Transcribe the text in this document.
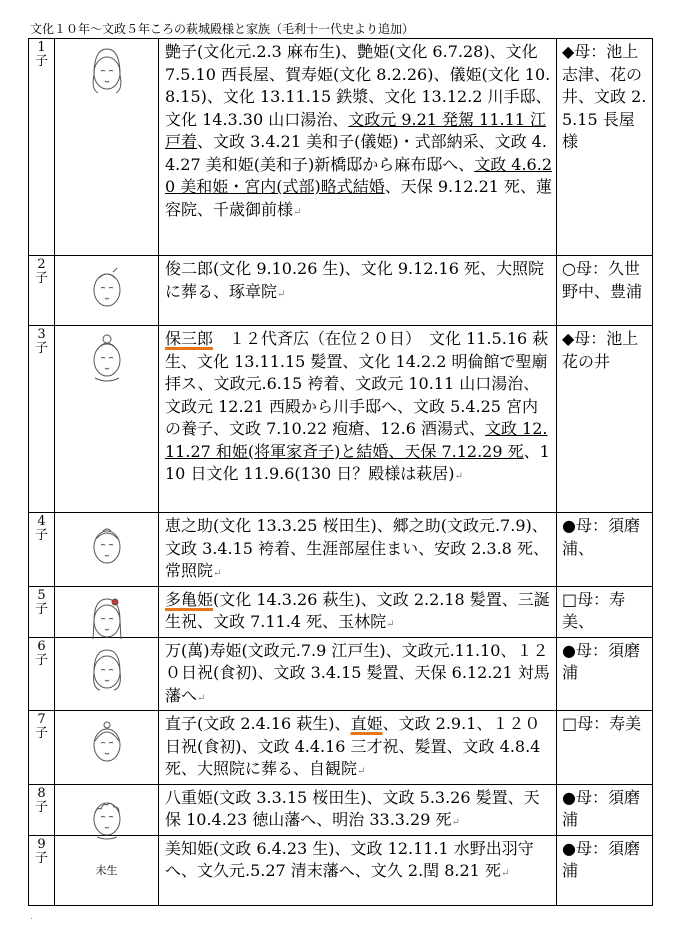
文化１０年〜文政５年ころの萩城殿様と家族（毛利十一代史より追加）
1
子		艶子(文化元.2.3 麻布生)、艶姫(文化 6.7.28)、文化 7.5.10 西長屋、賀寿姫(文化 8.2.26)、儀姫(文化 10.8.15)、文化 13.11.15 鉄漿、文化 13.12.2 川手邸、文化 14.3.30 山口湯治、文政元 9.21 発駕 11.11 江戸着、文政 3.4.21 美和子(儀姫)・式部納采、文政 4.4.27 美和姫(美和子)新橋邸から麻布邸へ、文政 4.6.20 美和姫・宮内(式部)略式結婚、天保 9.12.21 死、蓮容院、千歳御前様↵	◆母：池上志津、花の井、文政 2.5.15 長屋様

2
子		俊二郎(文化 9.10.26 生)、文化 9.12.16 死、大照院に葬る、琢章院↵	○母：久世野中、豊浦

3
子		保三郎　１２代斉広（在位２０日）　文化 11.5.16 萩生、文化 13.11.15 髪置、文化 14.2.2 明倫館で聖廟拝ス、文政元.6.15 袴着、文政元 10.11 山口湯治、文政元 12.21 西殿から川手邸へ、文政 5.4.25 宮内の養子、文政 7.10.22 疱瘡、12.6 酒湯式、文政 12.11.27 和姫(将軍家斉子)と結婚、天保 7.12.29 死、110 日文化 11.9.6(130 日？殿様は萩居)↵	◆母：池上花の井

4
子		恵之助(文化 13.3.25 桜田生)、郷之助(文政元.7.9)、文政 3.4.15 袴着、生涯部屋住まい、安政 2.3.8 死、常照院↵	●母：須磨浦、

5
子		多亀姫(文化 14.3.26 萩生)、文政 2.2.18 髪置、三誕生祝、文政 7.11.4 死、玉林院↵	□母：寿美、

6
子		万(萬)寿姫(文政元.7.9 江戸生)、文政元.11.10、１２０日祝(食初)、文政 3.4.15 髪置、天保 6.12.21 対馬藩へ↵	●母：須磨浦

7
子		直子(文政 2.4.16 萩生)、直姫、文政 2.9.1、１２０日祝(食初)、文政 4.4.16 三才祝、髪置、文政 4.8.4 死、大照院に葬る、自観院↵	□母：寿美

8
子		八重姫(文政 3.3.15 桜田生)、文政 5.3.26 髪置、天保 10.4.23 徳山藩へ、明治 33.3.29 死↵	●母：須磨浦

9
子	未生	美知姫(文政 6.4.23 生)、文政 12.11.1 水野出羽守へ、文久元.5.27 清末藩へ、文久 2.閏 8.21 死↵	●母：須磨浦
.
